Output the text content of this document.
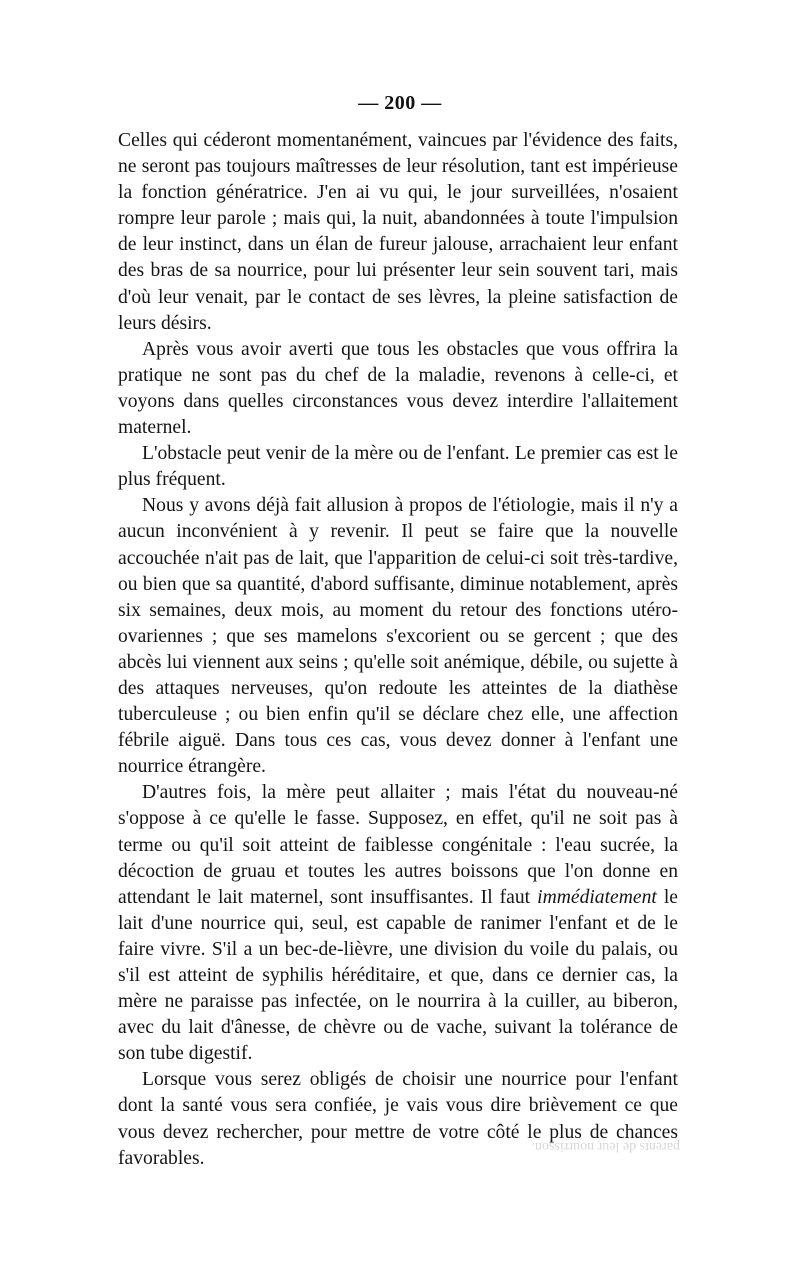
— 200 —

Celles qui céderont momentanément, vaincues par l'évidence des faits, ne seront pas toujours maîtresses de leur résolution, tant est impérieuse la fonction génératrice. J'en ai vu qui, le jour surveillées, n'osaient rompre leur parole ; mais qui, la nuit, abandonnées à toute l'impulsion de leur instinct, dans un élan de fureur jalouse, arrachaient leur enfant des bras de sa nourrice, pour lui présenter leur sein souvent tari, mais d'où leur venait, par le contact de ses lèvres, la pleine satisfaction de leurs désirs.

Après vous avoir averti que tous les obstacles que vous offrira la pratique ne sont pas du chef de la maladie, revenons à celle-ci, et voyons dans quelles circonstances vous devez interdire l'allaitement maternel.

L'obstacle peut venir de la mère ou de l'enfant. Le premier cas est le plus fréquent.

Nous y avons déjà fait allusion à propos de l'étiologie, mais il n'y a aucun inconvénient à y revenir. Il peut se faire que la nouvelle accouchée n'ait pas de lait, que l'apparition de celui-ci soit très-tardive, ou bien que sa quantité, d'abord suffisante, diminue notablement, après six semaines, deux mois, au moment du retour des fonctions utéro-ovariennes ; que ses mamelons s'excorient ou se gercent ; que des abcès lui viennent aux seins ; qu'elle soit anémique, débile, ou sujette à des attaques nerveuses, qu'on redoute les atteintes de la diathèse tuberculeuse ; ou bien enfin qu'il se déclare chez elle, une affection fébrile aiguë. Dans tous ces cas, vous devez donner à l'enfant une nourrice étrangère.

D'autres fois, la mère peut allaiter ; mais l'état du nouveau-né s'oppose à ce qu'elle le fasse. Supposez, en effet, qu'il ne soit pas à terme ou qu'il soit atteint de faiblesse congénitale : l'eau sucrée, la décoction de gruau et toutes les autres boissons que l'on donne en attendant le lait maternel, sont insuffisantes. Il faut immédiatement le lait d'une nourrice qui, seul, est capable de ranimer l'enfant et de le faire vivre. S'il a un bec-de-lièvre, une division du voile du palais, ou s'il est atteint de syphilis héréditaire, et que, dans ce dernier cas, la mère ne paraisse pas infectée, on le nourrira à la cuiller, au biberon, avec du lait d'ânesse, de chèvre ou de vache, suivant la tolérance de son tube digestif.

Lorsque vous serez obligés de choisir une nourrice pour l'enfant dont la santé vous sera confiée, je vais vous dire brièvement ce que vous devez rechercher, pour mettre de votre côté le plus de chances favorables.

parents de leur nourrisson.
